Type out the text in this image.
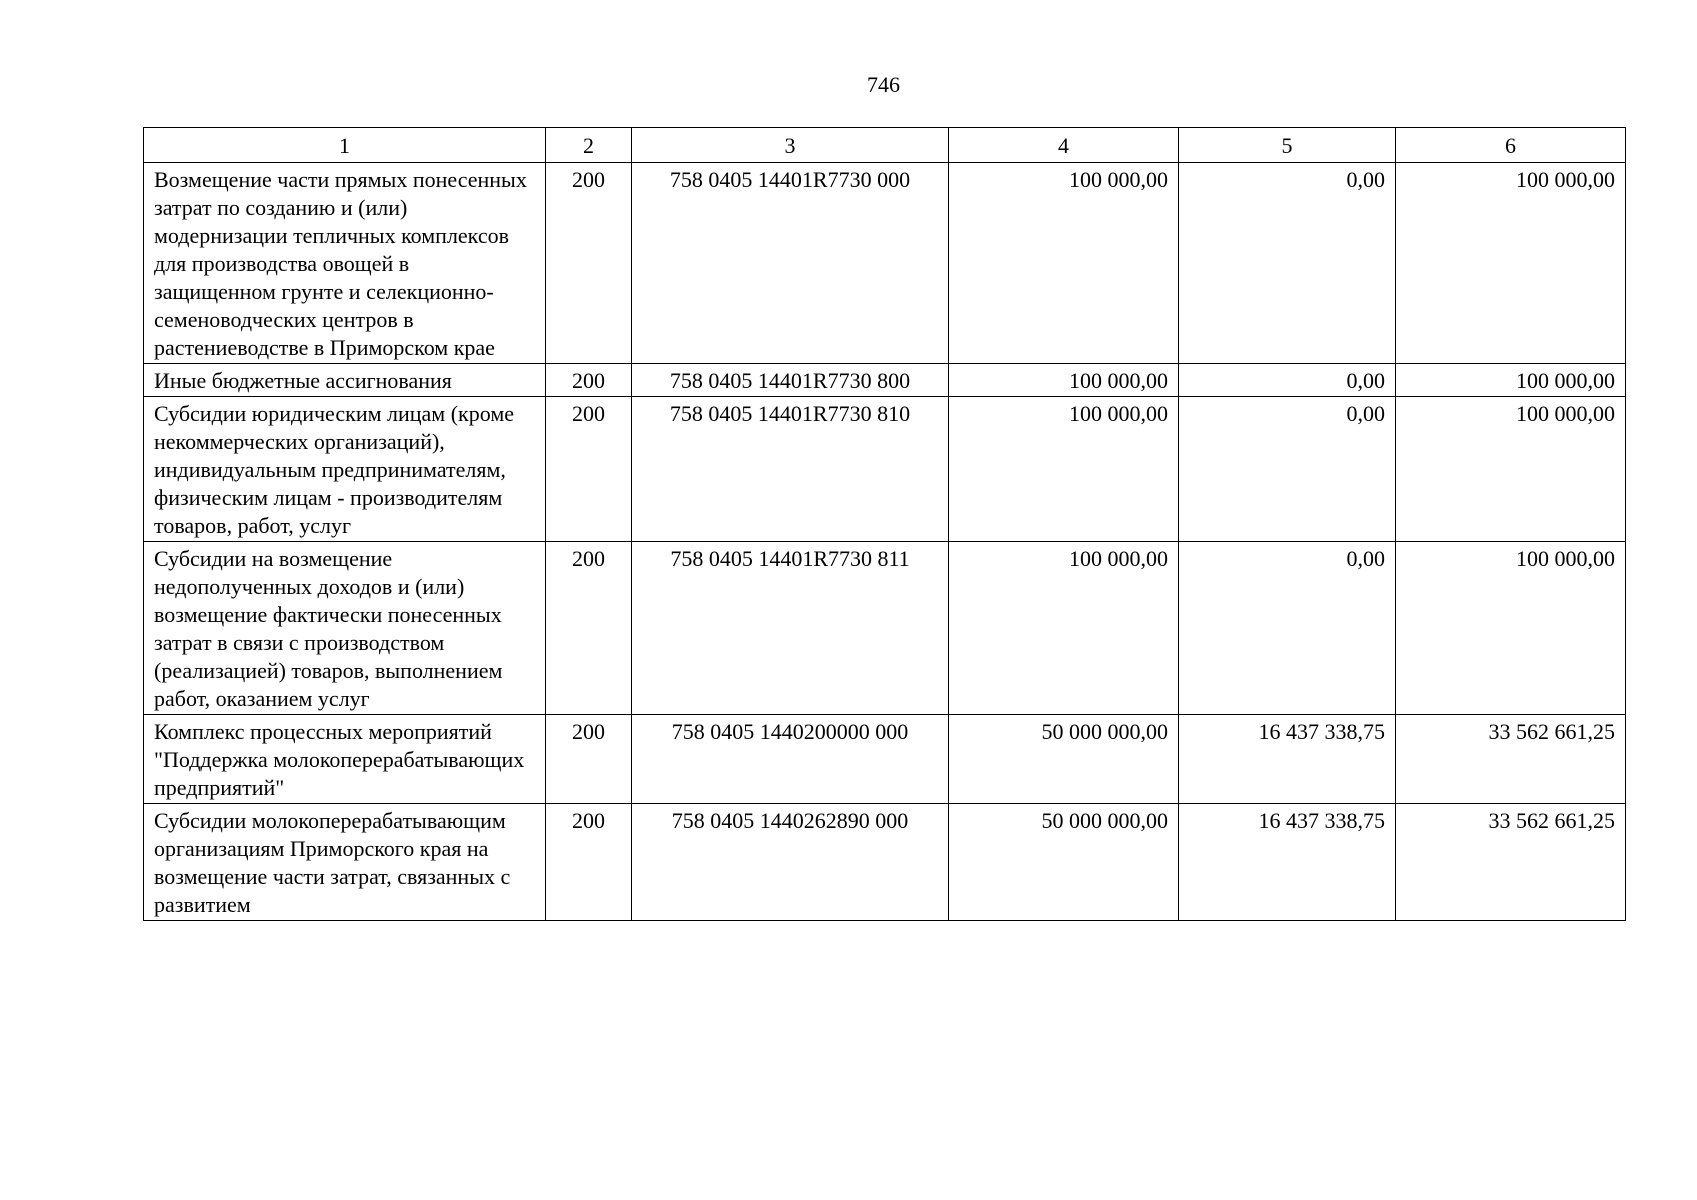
746
1	2	3	4	5	6
Возмещение части прямых понесенных затрат по созданию и (или) модернизации тепличных комплексов для производства овощей в защищенном грунте и селекционно-семеноводческих центров в растениеводстве в Приморском крае	200	758 0405 14401R7730 000	100 000,00	0,00	100 000,00
Иные бюджетные ассигнования	200	758 0405 14401R7730 800	100 000,00	0,00	100 000,00
Субсидии юридическим лицам (кроме некоммерческих организаций), индивидуальным предпринимателям, физическим лицам - производителям товаров, работ, услуг	200	758 0405 14401R7730 810	100 000,00	0,00	100 000,00
Субсидии на возмещение недополученных доходов и (или) возмещение фактически понесенных затрат в связи с производством (реализацией) товаров, выполнением работ, оказанием услуг	200	758 0405 14401R7730 811	100 000,00	0,00	100 000,00
Комплекс процессных мероприятий "Поддержка молокоперерабатывающих предприятий"	200	758 0405 1440200000 000	50 000 000,00	16 437 338,75	33 562 661,25
Субсидии молокоперерабатывающим организациям Приморского края на возмещение части затрат, связанных с развитием	200	758 0405 1440262890 000	50 000 000,00	16 437 338,75	33 562 661,25
